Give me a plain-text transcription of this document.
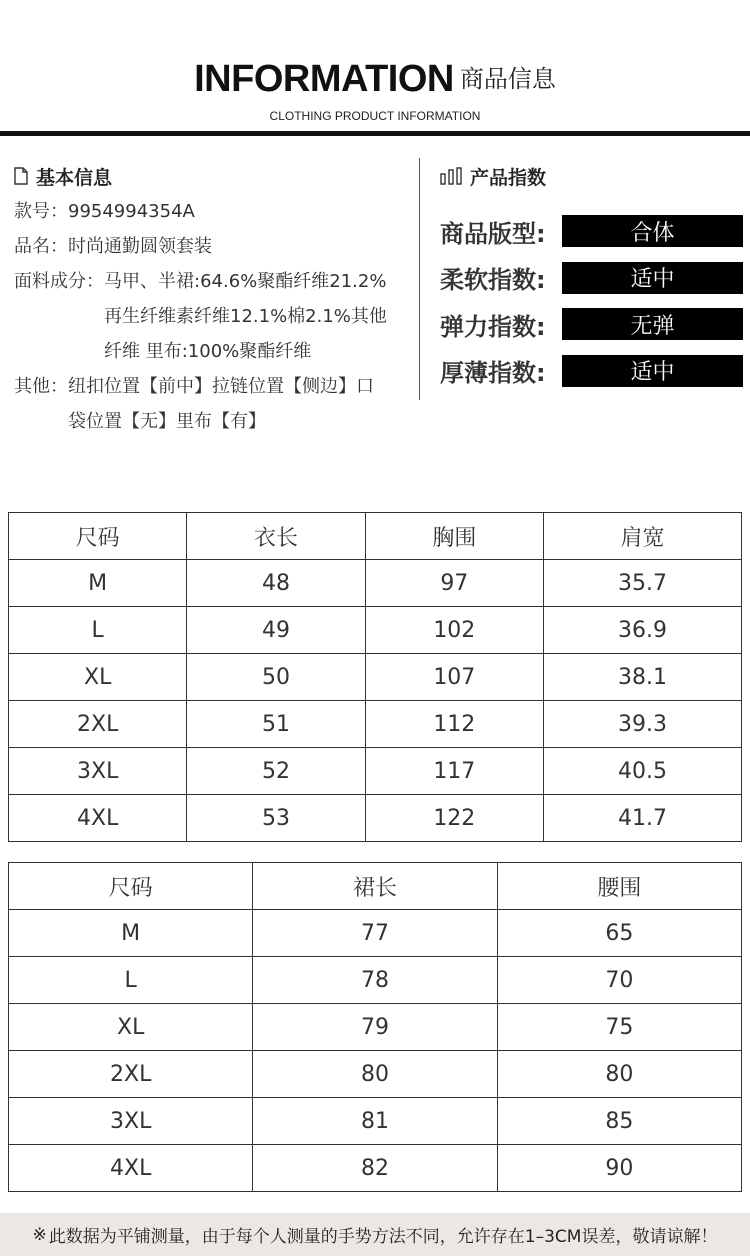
INFORMATION 商品信息
CLOTHING PRODUCT INFORMATION
基本信息
款号： 9954994354A
品名： 时尚通勤圆领套装
面料成分： 马甲、半裙:64.6%聚酯纤维21.2%再生纤维素纤维12.1%棉2.1%其他纤维 里布:100%聚酯纤维
其他： 纽扣位置【前中】拉链位置【侧边】口袋位置【无】里布【有】
产品指数
商品版型:	合体
柔软指数:	适中
弹力指数:	无弹
厚薄指数:	适中
尺码	衣长	胸围	肩宽
M	48	97	35.7
L	49	102	36.9
XL	50	107	38.1
2XL	51	112	39.3
3XL	52	117	40.5
4XL	53	122	41.7
尺码	裙长	腰围
M	77	65
L	78	70
XL	79	75
2XL	80	80
3XL	81	85
4XL	82	90
※ 此数据为平铺测量，由于每个人测量的手势方法不同，允许存在1–3CM误差，敬请谅解！
